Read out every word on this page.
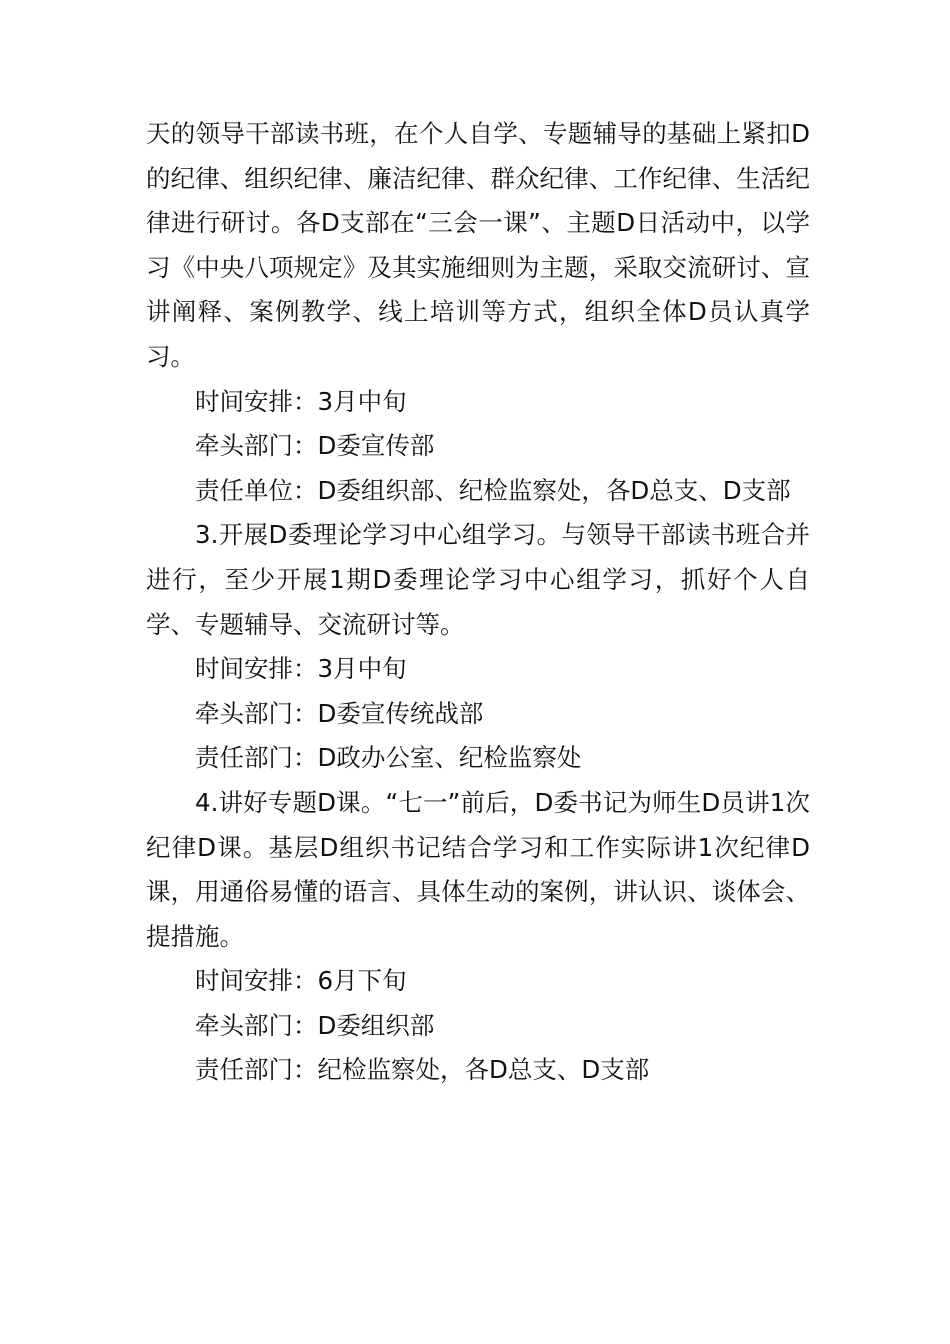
天的领导干部读书班，在个人自学、专题辅导的基础上紧扣D的纪律、组织纪律、廉洁纪律、群众纪律、工作纪律、生活纪律进行研讨。各D支部在“三会一课”、主题D日活动中，以学习《中央八项规定》及其实施细则为主题，采取交流研讨、宣讲阐释、案例教学、线上培训等方式，组织全体D员认真学习。

时间安排：3月中旬

牵头部门：D委宣传部

责任单位：D委组织部、纪检监察处，各D总支、D支部

3.开展D委理论学习中心组学习。与领导干部读书班合并进行，至少开展1期D委理论学习中心组学习，抓好个人自学、专题辅导、交流研讨等。

时间安排：3月中旬

牵头部门：D委宣传统战部

责任部门：D政办公室、纪检监察处

4.讲好专题D课。“七一”前后，D委书记为师生D员讲1次纪律D课。基层D组织书记结合学习和工作实际讲1次纪律D课，用通俗易懂的语言、具体生动的案例，讲认识、谈体会、提措施。

时间安排：6月下旬

牵头部门：D委组织部

责任部门：纪检监察处，各D总支、D支部
